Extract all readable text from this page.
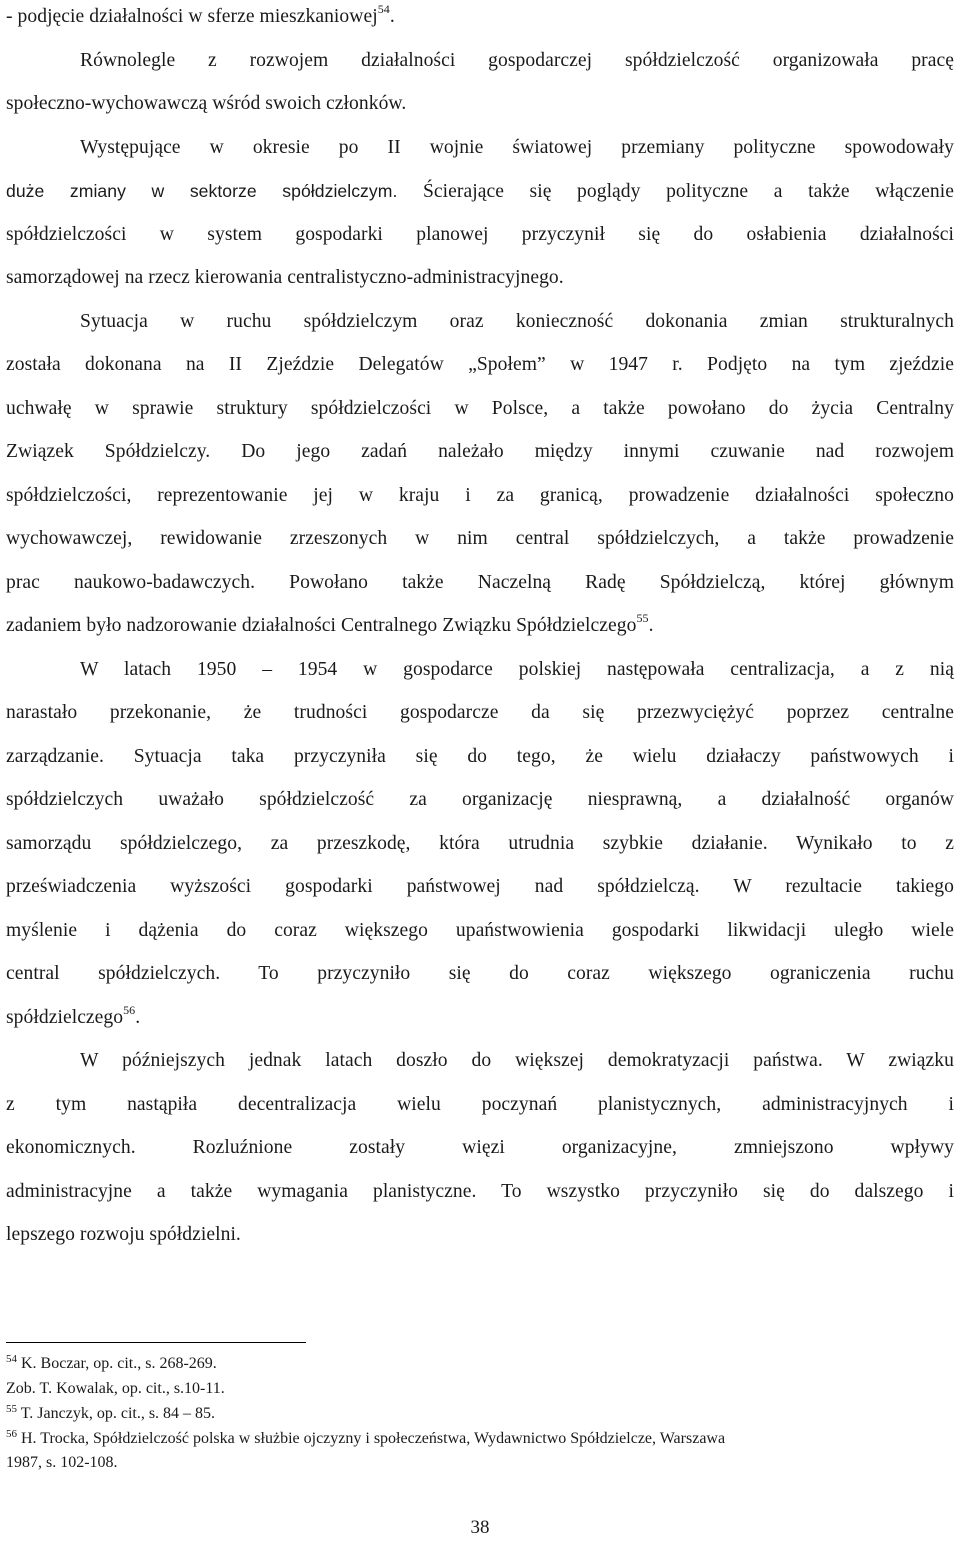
- podjęcie działalności w sferze mieszkaniowej$^{54}$.
Równolegle z rozwojem działalności gospodarczej spółdzielczość organizowała pracę
społeczno-wychowawczą wśród swoich członków.
Występujące w okresie po II wojnie światowej przemiany polityczne spowodowały
duże zmiany w sektorze spółdzielczym. Ścierające się poglądy polityczne a także włączenie
spółdzielczości w system gospodarki planowej przyczynił się do osłabienia działalności
samorządowej na rzecz kierowania centralistyczno-administracyjnego.
Sytuacja w ruchu spółdzielczym oraz konieczność dokonania zmian strukturalnych
została dokonana na II Zjeździe Delegatów „Społem” w 1947 r. Podjęto na tym zjeździe
uchwałę w sprawie struktury spółdzielczości w Polsce, a także powołano do życia Centralny
Związek Spółdzielczy. Do jego zadań należało między innymi czuwanie nad rozwojem
spółdzielczości, reprezentowanie jej w kraju i za granicą, prowadzenie działalności społeczno
wychowawczej, rewidowanie zrzeszonych w nim central spółdzielczych, a także prowadzenie
prac naukowo-badawczych. Powołano także Naczelną Radę Spółdzielczą, której głównym
zadaniem było nadzorowanie działalności Centralnego Związku Spółdzielczego$^{55}$.
W latach 1950 – 1954 w gospodarce polskiej następowała centralizacja, a z nią
narastało przekonanie, że trudności gospodarcze da się przezwyciężyć poprzez centralne
zarządzanie. Sytuacja taka przyczyniła się do tego, że wielu działaczy państwowych i
spółdzielczych uważało spółdzielczość za organizację niesprawną, a działalność organów
samorządu spółdzielczego, za przeszkodę, która utrudnia szybkie działanie. Wynikało to z
przeświadczenia wyższości gospodarki państwowej nad spółdzielczą. W rezultacie takiego
myślenie i dążenia do coraz większego upaństwowienia gospodarki likwidacji uległo wiele
central spółdzielczych. To przyczyniło się do coraz większego ograniczenia ruchu
spółdzielczego$^{56}$.
W późniejszych jednak latach doszło do większej demokratyzacji państwa. W związku
z tym nastąpiła decentralizacja wielu poczynań planistycznych, administracyjnych i
ekonomicznych. Rozluźnione zostały więzi organizacyjne, zmniejszono wpływy
administracyjne a także wymagania planistyczne. To wszystko przyczyniło się do dalszego i
lepszego rozwoju spółdzielni.
$^{54}$ K. Boczar, op. cit., s. 268-269.
Zob. T. Kowalak, op. cit., s.10-11.
$^{55}$ T. Janczyk, op. cit., s. 84 – 85.
$^{56}$ H. Trocka, Spółdzielczość polska w służbie ojczyzny i społeczeństwa, Wydawnictwo Spółdzielcze, Warszawa
1987, s. 102-108.
38
